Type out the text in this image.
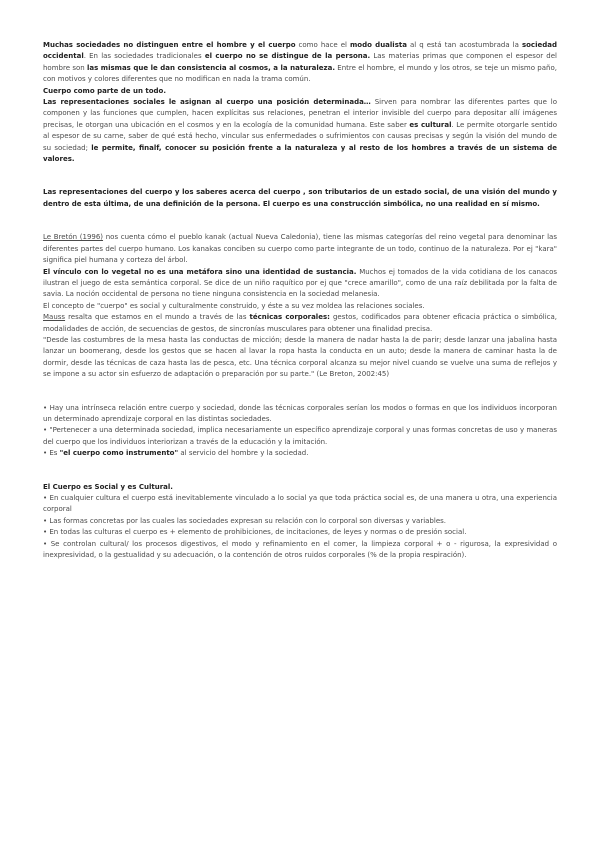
Muchas sociedades no distinguen entre el hombre y el cuerpo como hace el modo dualista al q está tan acostumbrada la sociedad occidental. En las sociedades tradicionales el cuerpo no se distingue de la persona. Las materias primas que componen el espesor del hombre son las mismas que le dan consistencia al cosmos, a la naturaleza. Entre el hombre, el mundo y los otros, se teje un mismo paño, con motivos y colores diferentes que no modifican en nada la trama común.

Cuerpo como parte de un todo.

Las representaciones sociales le asignan al cuerpo una posición determinada… Sirven para nombrar las diferentes partes que lo componen y las funciones que cumplen, hacen explícitas sus relaciones, penetran el interior invisible del cuerpo para depositar allí imágenes precisas, le otorgan una ubicación en el cosmos y en la ecología de la comunidad humana. Este saber es cultural. Le permite otorgarle sentido al espesor de su carne, saber de qué está hecho, vincular sus enfermedades o sufrimientos con causas precisas y según la visión del mundo de su sociedad; le permite, finalf, conocer su posición frente a la naturaleza y al resto de los hombres a través de un sistema de valores.

Las representaciones del cuerpo y los saberes acerca del cuerpo , son tributarios de un estado social, de una visión del mundo y dentro de esta última, de una definición de la persona. El cuerpo es una construcción simbólica, no una realidad en sí mismo.

Le Bretón (1996) nos cuenta cómo el pueblo kanak (actual Nueva Caledonia), tiene las mismas categorías del reino vegetal para denominar las diferentes partes del cuerpo humano. Los kanakas conciben su cuerpo como parte integrante de un todo, continuo de la naturaleza. Por ej "kara" significa piel humana y corteza del árbol.

El vínculo con lo vegetal no es una metáfora sino una identidad de sustancia. Muchos ej tomados de la vida cotidiana de los canacos ilustran el juego de esta semántica corporal. Se dice de un niño raquítico por ej que "crece amarillo", como de una raíz debilitada por la falta de savia. La noción occidental de persona no tiene ninguna consistencia en la sociedad melanesia.

El concepto de "cuerpo" es social y culturalmente construido, y éste a su vez moldea las relaciones sociales.

Mauss resalta que estamos en el mundo a través de las técnicas corporales: gestos, codificados para obtener eficacia práctica o simbólica, modalidades de acción, de secuencias de gestos, de sincronías musculares para obtener una finalidad precisa.

"Desde las costumbres de la mesa hasta las conductas de micción; desde la manera de nadar hasta la de parir; desde lanzar una jabalina hasta lanzar un boomerang, desde los gestos que se hacen al lavar la ropa hasta la conducta en un auto; desde la manera de caminar hasta la de dormir, desde las técnicas de caza hasta las de pesca, etc. Una técnica corporal alcanza su mejor nivel cuando se vuelve una suma de reflejos y se impone a su actor sin esfuerzo de adaptación o preparación por su parte." (Le Breton, 2002:45)

• Hay una intrínseca relación entre cuerpo y sociedad, donde las técnicas corporales serían los modos o formas en que los individuos incorporan un determinado aprendizaje corporal en las distintas sociedades.

• "Pertenecer a una determinada sociedad, implica necesariamente un específico aprendizaje corporal y unas formas concretas de uso y maneras del cuerpo que los individuos interiorizan a través de la educación y la imitación.

• Es "el cuerpo como instrumento" al servicio del hombre y la sociedad.

El Cuerpo es Social y es Cultural.

• En cualquier cultura el cuerpo está inevitablemente vinculado a lo social ya que toda práctica social es, de una manera u otra, una experiencia corporal

• Las formas concretas por las cuales las sociedades expresan su relación con lo corporal son diversas y variables.

• En todas las culturas el cuerpo es + elemento de prohibiciones, de incitaciones, de leyes y normas o de presión social.

• Se controlan cultural/ los procesos digestivos, el modo y refinamiento en el comer, la limpieza corporal + o - rigurosa, la expresividad o inexpresividad, o la gestualidad y su adecuación, o la contención de otros ruidos corporales (% de la propia respiración).
